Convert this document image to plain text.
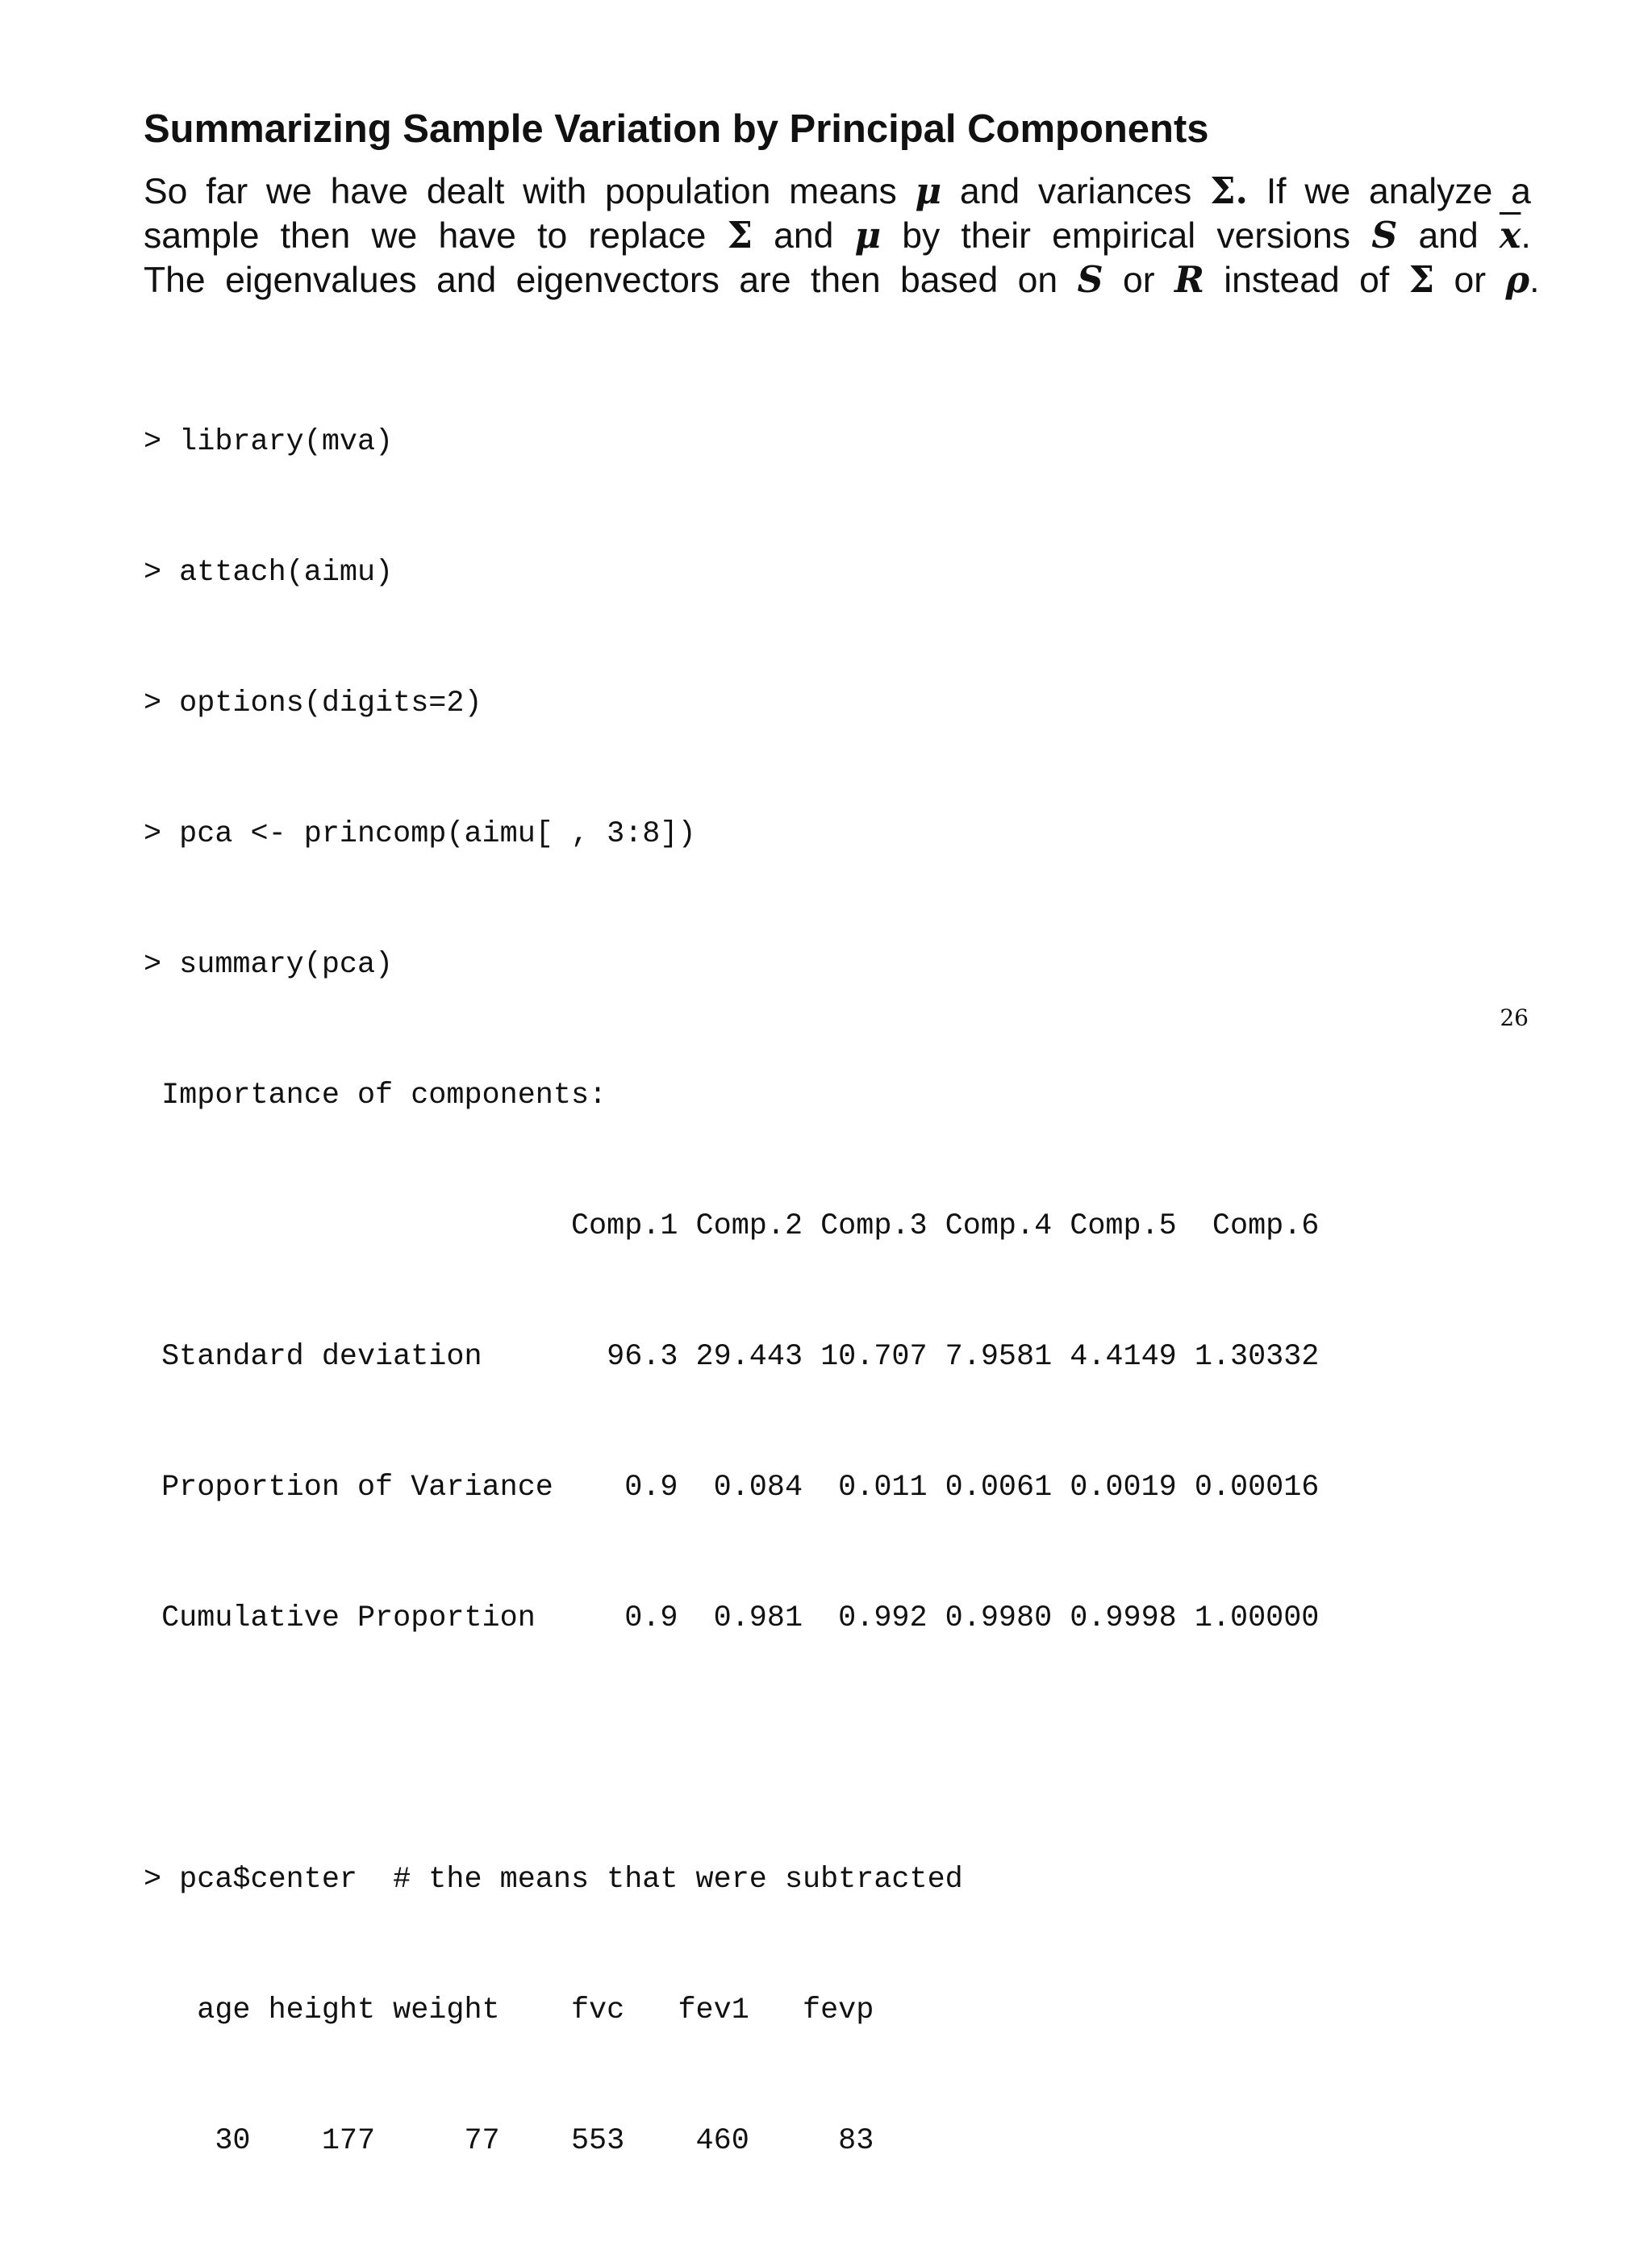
Summarizing Sample Variation by Principal Components
So far we have dealt with population means μ and variances Σ. If we analyze a
sample then we have to replace Σ and μ by their empirical versions S and $\overline{x}$.
The eigenvalues and eigenvectors are then based on S or R instead of Σ or ρ.

> library(mva)

> attach(aimu)

> options(digits=2)

> pca <- princomp(aimu[ , 3:8])

> summary(pca)

Importance of components:

Comp.1 Comp.2 Comp.3 Comp.4 Comp.5  Comp.6

Standard deviation       96.3 29.443 10.707 7.9581 4.4149 1.30332

Proportion of Variance    0.9  0.084  0.011 0.0061 0.0019 0.00016

Cumulative Proportion     0.9  0.981  0.992 0.9980 0.9998 1.00000

> pca$center  # the means that were subtracted

age height weight    fvc   fev1   fevp

30    177     77    553    460     83

26
